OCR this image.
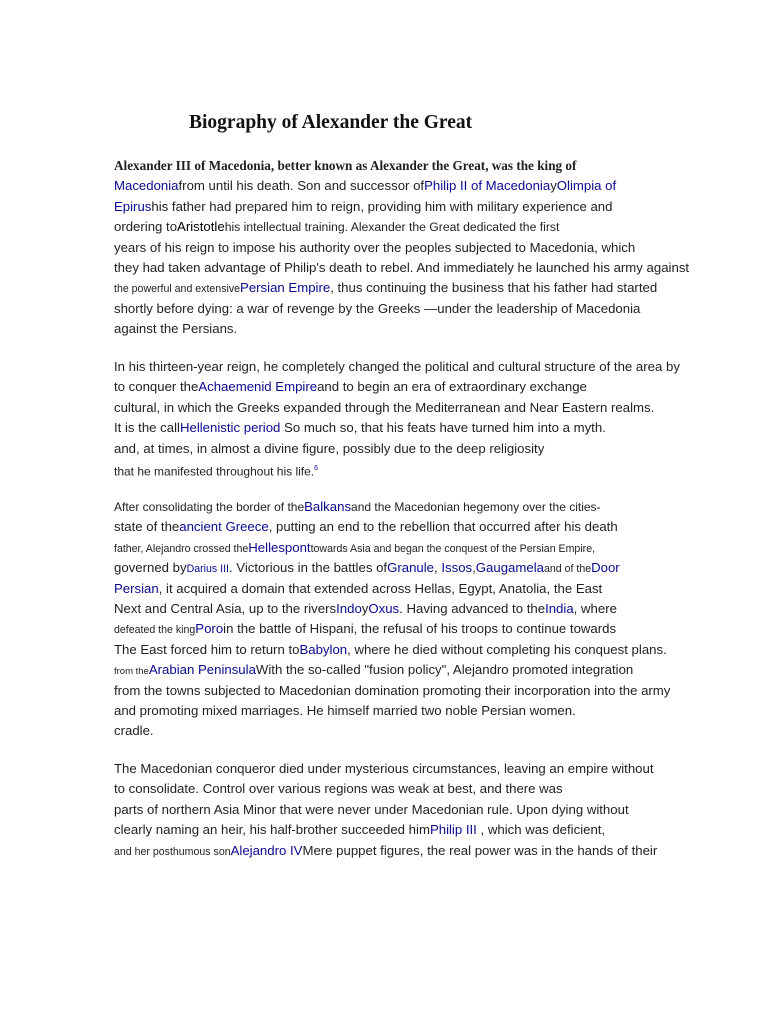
Biography of Alexander the Great
Alexander III of Macedonia, better known as Alexander the Great, was the king of
Macedoniafrom until his death. Son and successor ofPhilip II of MacedoniayOlimpia of
Epirushis father had prepared him to reign, providing him with military experience and
ordering toAristotlehis intellectual training. Alexander the Great dedicated the first
years of his reign to impose his authority over the peoples subjected to Macedonia, which
they had taken advantage of Philip's death to rebel. And immediately he launched his army against
the powerful and extensivePersian Empire, thus continuing the business that his father had started
shortly before dying: a war of revenge by the Greeks —under the leadership of Macedonia
against the Persians.
In his thirteen-year reign, he completely changed the political and cultural structure of the area by
to conquer theAchaemenid Empireand to begin an era of extraordinary exchange
cultural, in which the Greeks expanded through the Mediterranean and Near Eastern realms.
It is the callHellenistic period So much so, that his feats have turned him into a myth.
and, at times, in almost a divine figure, possibly due to the deep religiosity
that he manifested throughout his life.$^6$
After consolidating the border of theBalkansand the Macedonian hegemony over the cities-
state of theancient Greece, putting an end to the rebellion that occurred after his death
father, Alejandro crossed theHellesponttowards Asia and began the conquest of the Persian Empire,
governed byDarius III. Victorious in the battles ofGranule, Issos,Gaugamelaand of theDoor
Persian, it acquired a domain that extended across Hellas, Egypt, Anatolia, the East
Next and Central Asia, up to the riversIndoyOxus. Having advanced to theIndia, where
defeated the kingPoroin the battle of Hispani, the refusal of his troops to continue towards
The East forced him to return toBabylon, where he died without completing his conquest plans.
from theArabian PeninsulaWith the so-called "fusion policy", Alejandro promoted integration
from the towns subjected to Macedonian domination promoting their incorporation into the army
and promoting mixed marriages. He himself married two noble Persian women.
cradle.
The Macedonian conqueror died under mysterious circumstances, leaving an empire without
to consolidate. Control over various regions was weak at best, and there was
parts of northern Asia Minor that were never under Macedonian rule. Upon dying without
clearly naming an heir, his half-brother succeeded himPhilip III , which was deficient,
and her posthumous sonAlejandro IVMere puppet figures, the real power was in the hands of their
